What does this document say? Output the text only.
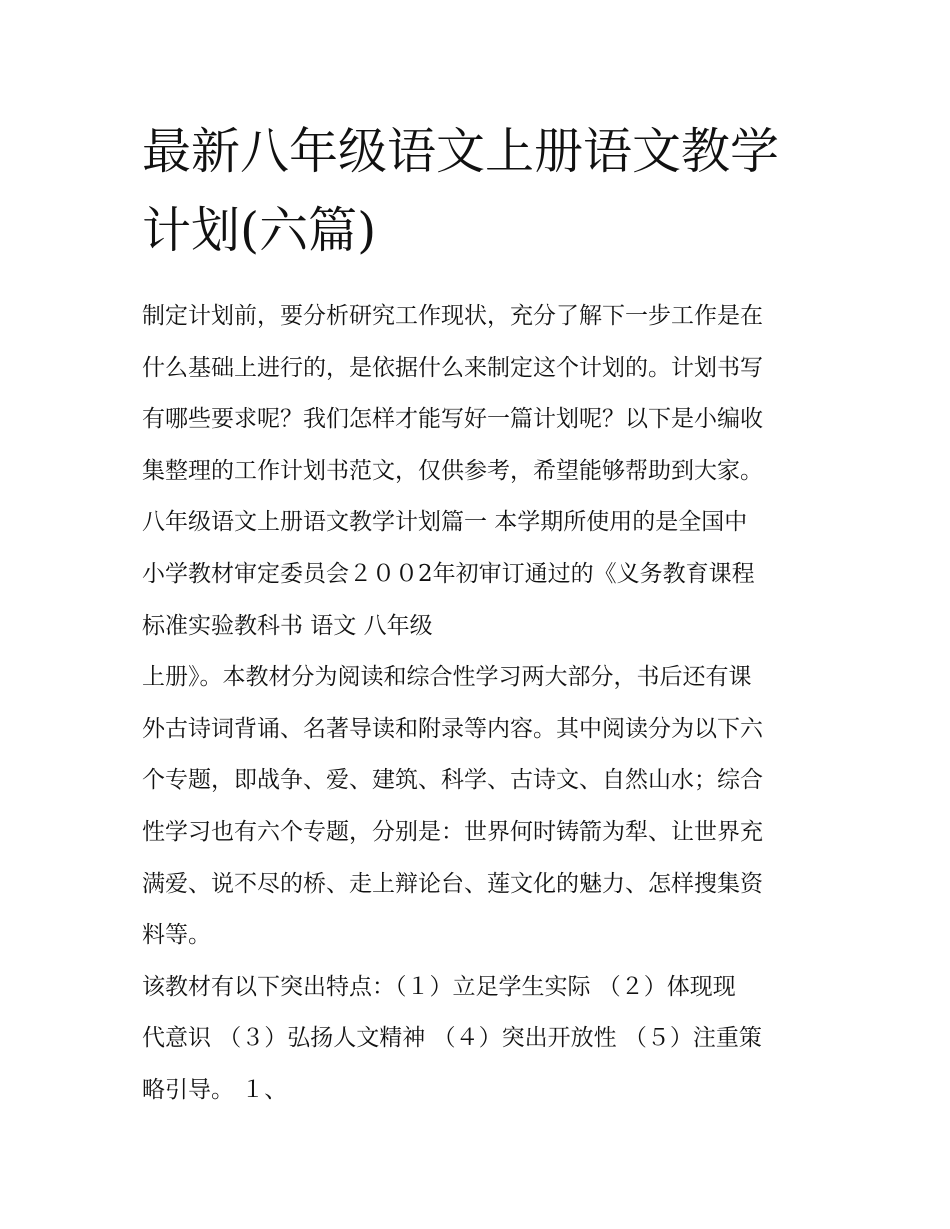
最新八年级语文上册语文教学
计划(六篇)
制定计划前，要分析研究工作现状，充分了解下一步工作是在
什么基础上进行的，是依据什么来制定这个计划的。计划书写
有哪些要求呢？我们怎样才能写好一篇计划呢？以下是小编收
集整理的工作计划书范文，仅供参考，希望能够帮助到大家。
八年级语文上册语文教学计划篇一 本学期所使用的是全国中
小学教材审定委员会２００2年初审订通过的《义务教育课程
标准实验教科书 语文 八年级
上册》。本教材分为阅读和综合性学习两大部分，书后还有课
外古诗词背诵、名著导读和附录等内容。其中阅读分为以下六
个专题，即战争、爱、建筑、科学、古诗文、自然山水；综合
性学习也有六个专题，分别是：世界何时铸箭为犁、让世界充
满爱、说不尽的桥、走上辩论台、莲文化的魅力、怎样搜集资
料等。
该教材有以下突出特点：（１）立足学生实际 （２）体现现
代意识 （３）弘扬人文精神 （４）突出开放性 （５）注重策
略引导。 １、
